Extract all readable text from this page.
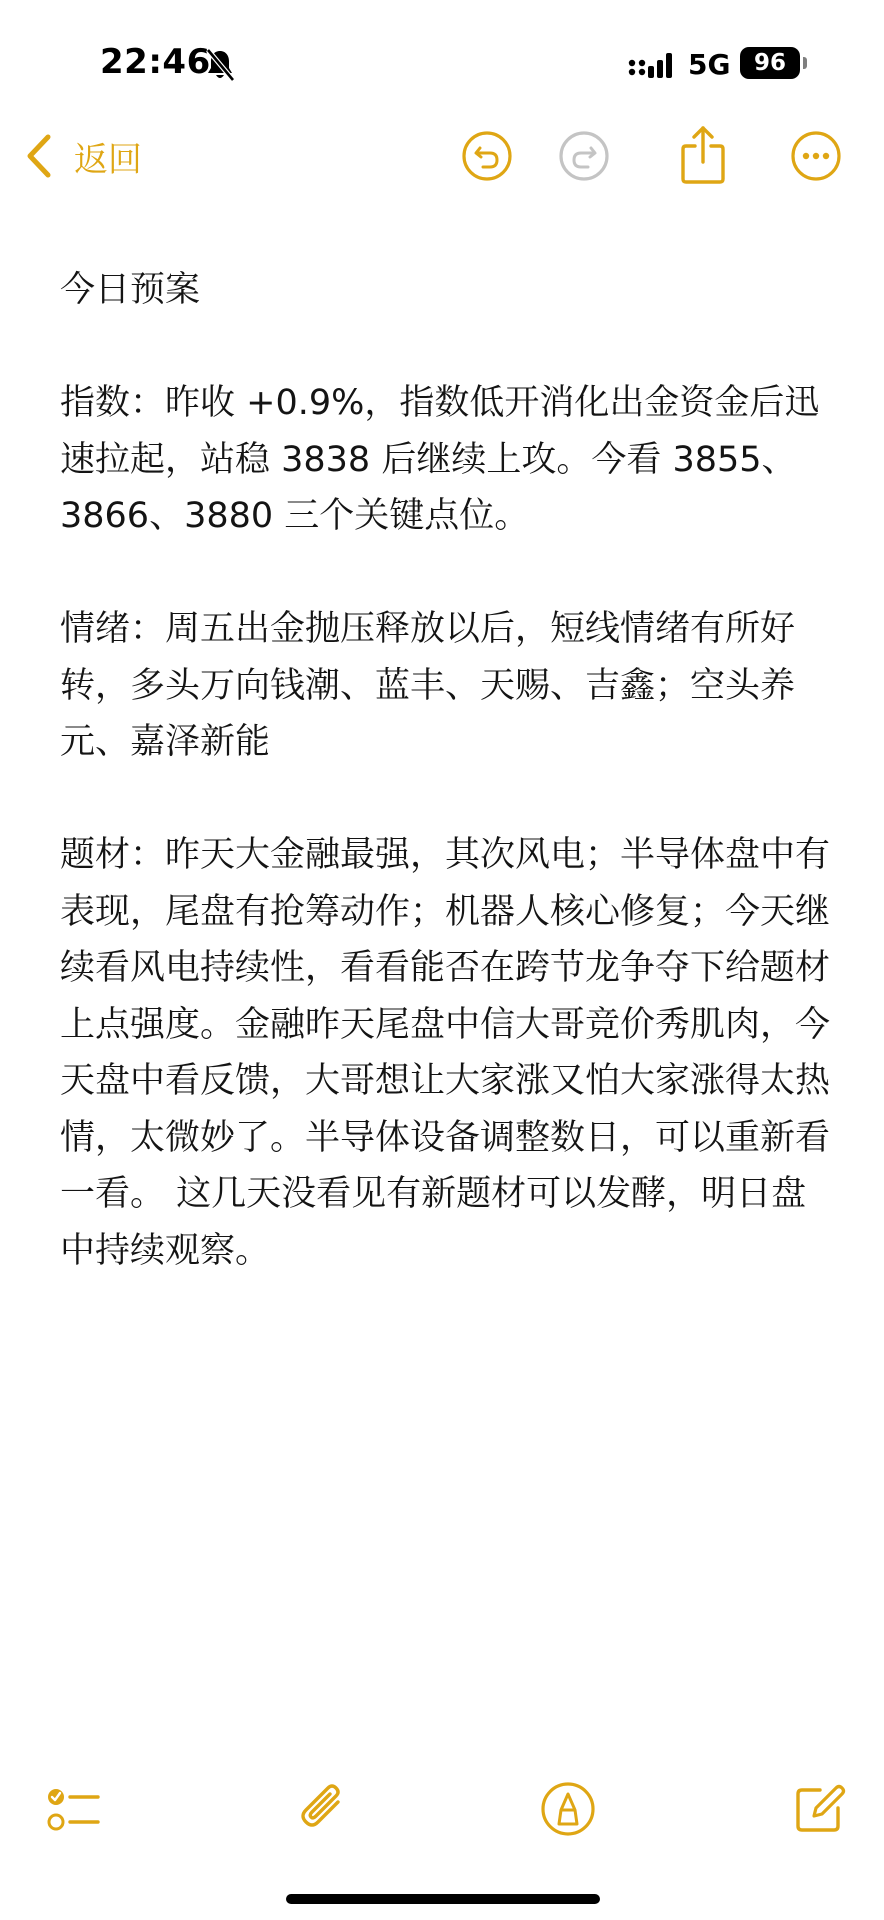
22:46	5G	96
返回

今日预案

指数：昨收 +0.9%，指数低开消化出金资金后迅速拉起，站稳 3838 后继续上攻。今看 3855、3866、3880 三个关键点位。

情绪：周五出金抛压释放以后，短线情绪有所好转，多头万向钱潮、蓝丰、天赐、吉鑫；空头养元、嘉泽新能

题材：昨天大金融最强，其次风电；半导体盘中有表现，尾盘有抢筹动作；机器人核心修复；今天继续看风电持续性，看看能否在跨节龙争夺下给题材上点强度。金融昨天尾盘中信大哥竞价秀肌肉，今天盘中看反馈，大哥想让大家涨又怕大家涨得太热情，太微妙了。半导体设备调整数日，可以重新看一看。 这几天没看见有新题材可以发酵，明日盘中持续观察。
